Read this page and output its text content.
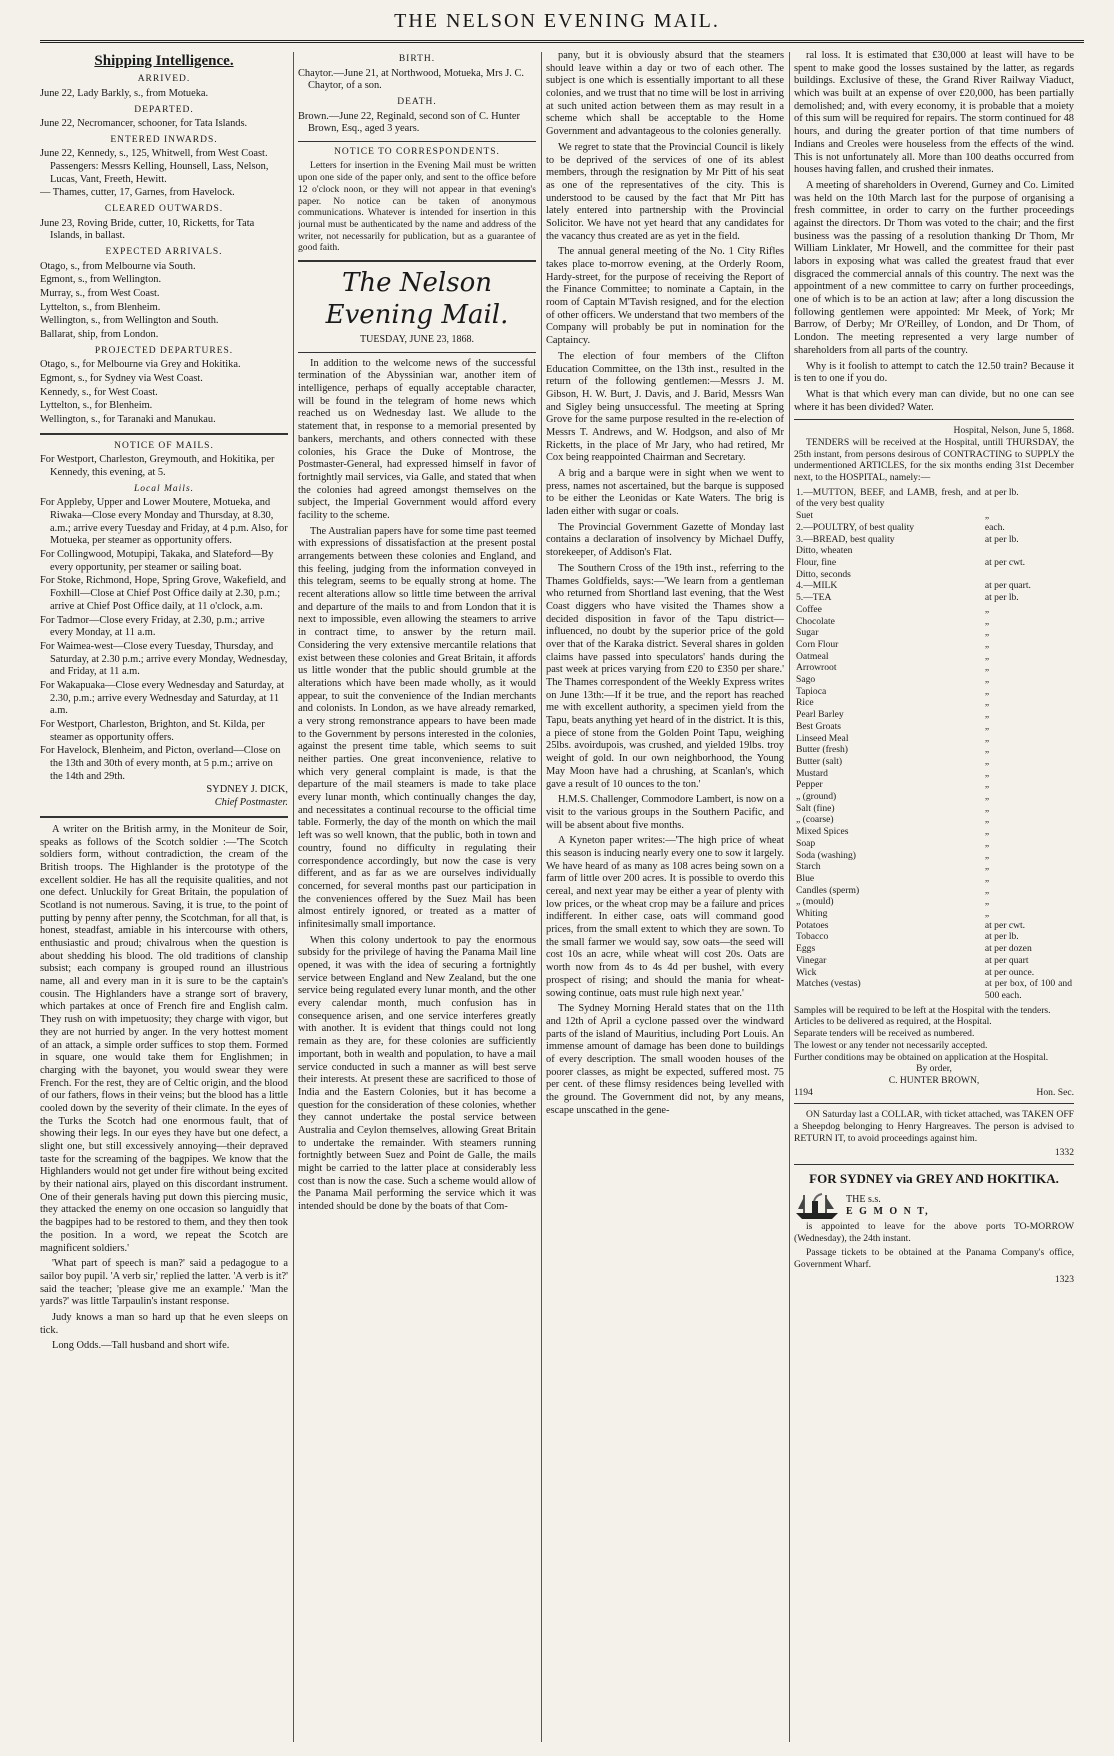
THE NELSON EVENING MAIL.
Shipping Intelligence.
ARRIVED.
June 22, Lady Barkly, s., from Motueka.
DEPARTED.
June 22, Necromancer, schooner, for Tata Islands.
ENTERED INWARDS.
June 22, Kennedy, s., 125, Whitwell, from West Coast. Passengers: Messrs Kelling, Hounsell, Lass, Nelson, Lucas, Vant, Freeth, Hewitt.
— Thames, cutter, 17, Garnes, from Havelock.
CLEARED OUTWARDS.
June 23, Roving Bride, cutter, 10, Ricketts, for Tata Islands, in ballast.
EXPECTED ARRIVALS.
Otago, s., from Melbourne via South.
Egmont, s., from Wellington.
Murray, s., from West Coast.
Lyttelton, s., from Blenheim.
Wellington, s., from Wellington and South.
Ballarat, ship, from London.
PROJECTED DEPARTURES.
Otago, s., for Melbourne via Grey and Hokitika.
Egmont, s., for Sydney via West Coast.
Kennedy, s., for West Coast.
Lyttelton, s., for Blenheim.
Wellington, s., for Taranaki and Manukau.
NOTICE OF MAILS.
For Westport, Charleston, Greymouth, and Hokitika, per Kennedy, this evening, at 5.
Local Mails.
For Appleby, Upper and Lower Moutere, Motueka, and Riwaka—Close every Monday and Thursday, at 8.30, a.m.; arrive every Tuesday and Friday, at 4 p.m. Also, for Motueka, per steamer as opportunity offers.
For Collingwood, Motupipi, Takaka, and Slateford—By every opportunity, per steamer or sailing boat.
For Stoke, Richmond, Hope, Spring Grove, Wakefield, and Foxhill—Close at Chief Post Office daily at 2.30, p.m.; arrive at Chief Post Office daily, at 11 o'clock, a.m.
For Tadmor—Close every Friday, at 2.30, p.m.; arrive every Monday, at 11 a.m.
For Waimea-west—Close every Tuesday, Thursday, and Saturday, at 2.30 p.m.; arrive every Monday, Wednesday, and Friday, at 11 a.m.
For Wakapuaka—Close every Wednesday and Saturday, at 2.30, p.m.; arrive every Wednesday and Saturday, at 11 a.m.
For Westport, Charleston, Brighton, and St. Kilda, per steamer as opportunity offers.
For Havelock, Blenheim, and Picton, overland—Close on the 13th and 30th of every month, at 5 p.m.; arrive on the 14th and 29th.
SYDNEY J. DICK,
Chief Postmaster.

A writer on the British army, in the Moniteur de Soir, speaks as follows of the Scotch soldier :—'The Scotch soldiers form, without contradiction, the cream of the British troops. The Highlander is the prototype of the excellent soldier. He has all the requisite qualities, and not one defect. Unluckily for Great Britain, the population of Scotland is not numerous. Saving, it is true, to the point of putting by penny after penny, the Scotchman, for all that, is honest, steadfast, amiable in his intercourse with others, enthusiastic and proud; chivalrous when the question is about shedding his blood. The old traditions of clanship subsist; each company is grouped round an illustrious name, all and every man in it is sure to be the captain's cousin. The Highlanders have a strange sort of bravery, which partakes at once of French fire and English calm. They rush on with impetuosity; they charge with vigor, but they are not hurried by anger. In the very hottest moment of an attack, a simple order suffices to stop them. Formed in square, one would take them for Englishmen; in charging with the bayonet, you would swear they were French. For the rest, they are of Celtic origin, and the blood of our fathers, flows in their veins; but the blood has a little cooled down by the severity of their climate. In the eyes of the Turks the Scotch had one enormous fault, that of showing their legs. In our eyes they have but one defect, a slight one, but still excessively annoying—their depraved taste for the screaming of the bagpipes. We know that the Highlanders would not get under fire without being excited by their national airs, played on this discordant instrument. One of their generals having put down this piercing music, they attacked the enemy on one occasion so languidly that the bagpipes had to be restored to them, and they then took the position. In a word, we repeat the Scotch are magnificent soldiers.'

'What part of speech is man?' said a pedagogue to a sailor boy pupil. 'A verb sir,' replied the latter. 'A verb is it?' said the teacher; 'please give me an example.' 'Man the yards?' was little Tarpaulin's instant response.

Judy knows a man so hard up that he even sleeps on tick.

Long Odds.—Tall husband and short wife.

BIRTH.
Chaytor.—June 21, at Northwood, Motueka, Mrs J. C. Chaytor, of a son.
DEATH.
Brown.—June 22, Reginald, second son of C. Hunter Brown, Esq., aged 3 years.
NOTICE TO CORRESPONDENTS.

Letters for insertion in the Evening Mail must be written upon one side of the paper only, and sent to the office before 12 o'clock noon, or they will not appear in that evening's paper. No notice can be taken of anonymous communications. Whatever is intended for insertion in this journal must be authenticated by the name and address of the writer, not necessarily for publication, but as a guarantee of good faith.

The Nelson Evening Mail.
TUESDAY, JUNE 23, 1868.

In addition to the welcome news of the successful termination of the Abyssinian war, another item of intelligence, perhaps of equally acceptable character, will be found in the telegram of home news which reached us on Wednesday last. We allude to the statement that, in response to a memorial presented by bankers, merchants, and others connected with these colonies, his Grace the Duke of Montrose, the Postmaster-General, had expressed himself in favor of fortnightly mail services, via Galle, and stated that when the colonies had agreed amongst themselves on the subject, the Imperial Government would afford every facility to the scheme.

The Australian papers have for some time past teemed with expressions of dissatisfaction at the present postal arrangements between these colonies and England, and this feeling, judging from the information conveyed in this telegram, seems to be equally strong at home. The recent alterations allow so little time between the arrival and departure of the mails to and from London that it is next to impossible, even allowing the steamers to arrive in contract time, to answer by the return mail. Considering the very extensive mercantile relations that exist between these colonies and Great Britain, it affords us little wonder that the public should grumble at the alterations which have been made wholly, as it would appear, to suit the convenience of the Indian merchants and colonists. In London, as we have already remarked, a very strong remonstrance appears to have been made to the Government by persons interested in the colonies, against the present time table, which seems to suit neither parties. One great inconvenience, relative to which very general complaint is made, is that the departure of the mail steamers is made to take place every lunar month, which continually changes the day, and necessitates a continual recourse to the official time table. Formerly, the day of the month on which the mail left was so well known, that the public, both in town and country, found no difficulty in regulating their correspondence accordingly, but now the case is very different, and as far as we are ourselves individually concerned, for several months past our participation in the conveniences offered by the Suez Mail has been almost entirely ignored, or treated as a matter of infinitesimally small importance.

When this colony undertook to pay the enormous subsidy for the privilege of having the Panama Mail line opened, it was with the idea of securing a fortnightly service between England and New Zealand, but the one service being regulated every lunar month, and the other every calendar month, much confusion has in consequence arisen, and one service interferes greatly with another. It is evident that things could not long remain as they are, for these colonies are sufficiently important, both in wealth and population, to have a mail service conducted in such a manner as will best serve their interests. At present these are sacrificed to those of India and the Eastern Colonies, but it has become a question for the consideration of these colonies, whether they cannot undertake the postal service between Australia and Ceylon themselves, allowing Great Britain to undertake the remainder. With steamers running fortnightly between Suez and Point de Galle, the mails might be carried to the latter place at considerably less cost than is now the case. Such a scheme would allow of the Panama Mail performing the service which it was intended should be done by the boats of that Com-

pany, but it is obviously absurd that the steamers should leave within a day or two of each other. The subject is one which is essentially important to all these colonies, and we trust that no time will be lost in arriving at such united action between them as may result in a scheme which shall be acceptable to the Home Government and advantageous to the colonies generally.

We regret to state that the Provincial Council is likely to be deprived of the services of one of its ablest members, through the resignation by Mr Pitt of his seat as one of the representatives of the city. This is understood to be caused by the fact that Mr Pitt has lately entered into partnership with the Provincial Solicitor. We have not yet heard that any candidates for the vacancy thus created are as yet in the field.

The annual general meeting of the No. 1 City Rifles takes place to-morrow evening, at the Orderly Room, Hardy-street, for the purpose of receiving the Report of the Finance Committee; to nominate a Captain, in the room of Captain M'Tavish resigned, and for the election of other officers. We understand that two members of the Company will probably be put in nomination for the Captaincy.

The election of four members of the Clifton Education Committee, on the 13th inst., resulted in the return of the following gentlemen:—Messrs J. M. Gibson, H. W. Burt, J. Davis, and J. Barid, Messrs Wan and Sigley being unsuccessful. The meeting at Spring Grove for the same purpose resulted in the re-election of Messrs T. Andrews, and W. Hodgson, and also of Mr Ricketts, in the place of Mr Jary, who had retired, Mr Cox being reappointed Chairman and Secretary.

A brig and a barque were in sight when we went to press, names not ascertained, but the barque is supposed to be either the Leonidas or Kate Waters. The brig is laden either with sugar or coals.

The Provincial Government Gazette of Monday last contains a declaration of insolvency by Michael Duffy, storekeeper, of Addison's Flat.

The Southern Cross of the 19th inst., referring to the Thames Goldfields, says:—'We learn from a gentleman who returned from Shortland last evening, that the West Coast diggers who have visited the Thames show a decided disposition in favor of the Tapu district—influenced, no doubt by the superior price of the gold over that of the Karaka district. Several shares in golden claims have passed into speculators' hands during the past week at prices varying from £20 to £350 per share.' The Thames correspondent of the Weekly Express writes on June 13th:—If it be true, and the report has reached me with excellent authority, a specimen yield from the Tapu, beats anything yet heard of in the district. It is this, a piece of stone from the Golden Point Tapu, weighing 25lbs. avoirdupois, was crushed, and yielded 19lbs. troy weight of gold. In our own neighborhood, the Young May Moon have had a chrushing, at Scanlan's, which gave a result of 10 ounces to the ton.'

H.M.S. Challenger, Commodore Lambert, is now on a visit to the various groups in the Southern Pacific, and will be absent about five months.

A Kyneton paper writes:—'The high price of wheat this season is inducing nearly every one to sow it largely. We have heard of as many as 108 acres being sown on a farm of little over 200 acres. It is possible to overdo this cereal, and next year may be either a year of plenty with low prices, or the wheat crop may be a failure and prices indifferent. In either case, oats will command good prices, from the small extent to which they are sown. To the small farmer we would say, sow oats—the seed will cost 10s an acre, while wheat will cost 20s. Oats are worth now from 4s to 4s 4d per bushel, with every prospect of rising; and should the mania for wheat-sowing continue, oats must rule high next year.'

The Sydney Morning Herald states that on the 11th and 12th of April a cyclone passed over the windward parts of the island of Mauritius, including Port Louis. An immense amount of damage has been done to buildings of every description. The small wooden houses of the poorer classes, as might be expected, suffered most. 75 per cent. of these flimsy residences being levelled with the ground. The Government did not, by any means, escape unscathed in the gene-

ral loss. It is estimated that £30,000 at least will have to be spent to make good the losses sustained by the latter, as regards buildings. Exclusive of these, the Grand River Railway Viaduct, which was built at an expense of over £20,000, has been partially demolished; and, with every economy, it is probable that a moiety of this sum will be required for repairs. The storm continued for 48 hours, and during the greater portion of that time numbers of Indians and Creoles were houseless from the effects of the wind. This is not unfortunately all. More than 100 deaths occurred from houses having fallen, and crushed their inmates.

A meeting of shareholders in Overend, Gurney and Co. Limited was held on the 10th March last for the purpose of organising a fresh committee, in order to carry on the further proceedings against the directors. Dr Thom was voted to the chair; and the first business was the passing of a resolution thanking Dr Thom, Mr William Linklater, Mr Howell, and the committee for their past labors in exposing what was called the greatest fraud that ever disgraced the commercial annals of this country. The next was the appointment of a new committee to carry on further proceedings, one of which is to be an action at law; after a long discussion the following gentlemen were appointed: Mr Meek, of York; Mr Barrow, of Derby; Mr O'Reilley, of London, and Dr Thom, of London. The meeting represented a very large number of shareholders from all parts of the country.

Why is it foolish to attempt to catch the 12.50 train? Because it is ten to one if you do.

What is that which every man can divide, but no one can see where it has been divided? Water.

Hospital, Nelson, June 5, 1868.

TENDERS will be received at the Hospital, untill THURSDAY, the 25th instant, from persons desirous of CONTRACTING to SUPPLY the undermentioned ARTICLES, for the six months ending 31st December next, to the HOSPITAL, namely:—

1.—MUTTON, BEEF, and LAMB, fresh, and of the very best quality	at per lb.
Suet	„
2.—POULTRY, of best quality	each.
3.—BREAD, best quality	at per lb.
Ditto, wheaten	
Flour, fine	at per cwt.
Ditto, seconds	
4.—MILK	at per quart.
5.—TEA	at per lb.
Coffee	„
Chocolate	„
Sugar	„
Corn Flour	„
Oatmeal	„
Arrowroot	„
Sago	„
Tapioca	„
Rice	„
Pearl Barley	„
Best Groats	„
Linseed Meal	„
Butter (fresh)	„
Butter (salt)	„
Mustard	„
Pepper	„
„ (ground)	„
Salt (fine)	„
„ (coarse)	„
Mixed Spices	„
Soap	„
Soda (washing)	„
Starch	„
Blue	„
Candles (sperm)	„
„ (mould)	„
Whiting	„
Potatoes	at per cwt.
Tobacco	at per lb.
Eggs	at per dozen
Vinegar	at per quart
Wick	at per ounce.
Matches (vestas)	at per box, of 100 and 500 each.
Samples will be required to be left at the Hospital with the tenders.
Articles to be delivered as required, at the Hospital.
Separate tenders will be received as numbered.
The lowest or any tender not necessarily accepted.
Further conditions may be obtained on application at the Hospital.
By order,
C. HUNTER BROWN,
1194	Hon. Sec.

ON Saturday last a COLLAR, with ticket attached, was TAKEN OFF a Sheepdog belonging to Henry Hargreaves. The person is advised to RETURN IT, to avoid proceedings against him.

1332
FOR SYDNEY via GREY AND HOKITIKA.
THE s.s.
E G M O N T,

is appointed to leave for the above ports TO-MORROW (Wednesday), the 24th instant.

Passage tickets to be obtained at the Panama Company's office, Government Wharf.

1323
